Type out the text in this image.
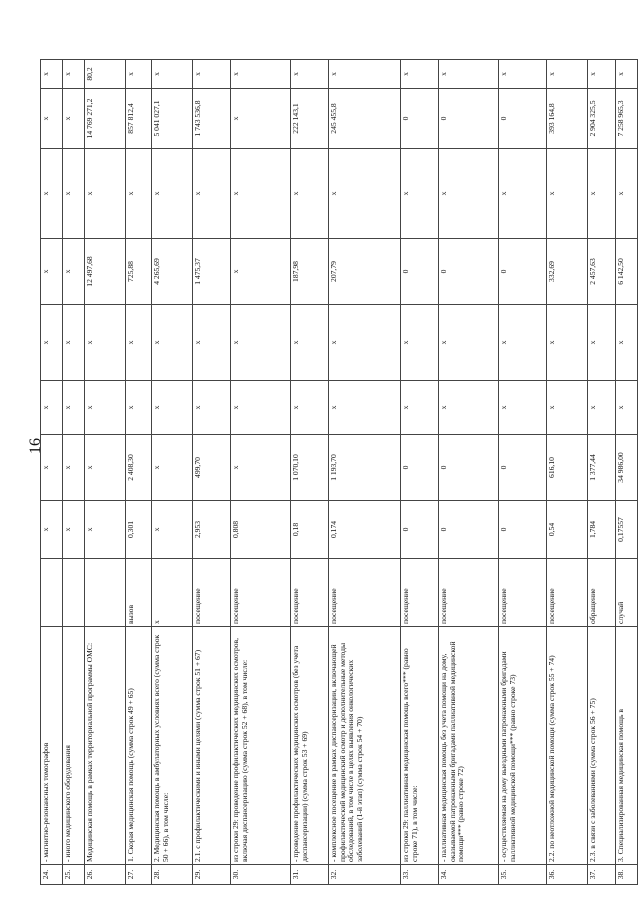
16
24.	- магнитно-резонансных томографов		x	x	x	x	x	x	x	x
25.	- иного медицинского оборудования		x	x	x	x	x	x	x	x
26.	Медицинская помощь в рамках территориальной программы ОМС:		x	x	x	x	12 497,68	x	14 769 271,2	80,2
27.	1. Скорая медицинская помощь (сумма строк 49 + 65)	вызов	0,301	2 408,30	x	x	725,88	x	857 812,4	x
28.	2. Медицинская помощь в амбулаторных условиях всего (сумма строк 50 + 66), в том числе:	x	x	x	x	x	4 265,69	x	5 041 027,1	x
29.	2.1. с профилактическими и иными целями (сумма строк 51 + 67)	посещение	2,953	499,70	x	x	1 475,37	x	1 743 536,8	x
30.	из строки 29: проведение профилактических медицинских осмотров, включая диспансеризацию (сумма строк 52 + 68), в том числе:	посещение	0,808	x	x	x	x	x	x	x
31.	- проведение профилактических медицинских осмотров (без учета диспансеризации) (сумма строк 53 + 69)	посещение	0,18	1 070,10	x	x	187,98	x	222 143,1	x
32.	- комплексное посещение в рамках диспансеризации, включающей профилактический медицинский осмотр и дополнительные методы обследований, в том числе в целях выявления онкологических заболеваний (1-й этап) (сумма строк 54 + 70)	посещение	0,174	1 193,70	x	x	207,79	x	245 455,8	x
33.	из строки 29: паллиативная медицинская помощь всего*** (равно строке 71), в том числе:	посещение	0	0	x	x	0	x	0	x
34.	- паллиативная медицинская помощь без учета помощи на дому, оказываемой патронажными бригадами паллиативной медицинской помощи*** (равно строке 72)	посещение	0	0	x	x	0	x	0	x
35.	- осуществляемая на дому выездными патронажными бригадами паллиативной медицинской помощи*** (равно строке 73)	посещение	0	0	x	x	0	x	0	x
36.	2.2. по неотложной медицинской помощи (сумма строк 55 + 74)	посещение	0,54	616,10	x	x	332,69	x	393 164,8	x
37.	2.3. в связи с заболеваниями (сумма строк 56 + 75)	обращение	1,784	1 377,44	x	x	2 457,63	x	2 904 325,5	x
38.	3. Специализированная медицинская помощь в	случай	0,17557	34 986,00	x	x	6 142,50	x	7 258 965,3	x
